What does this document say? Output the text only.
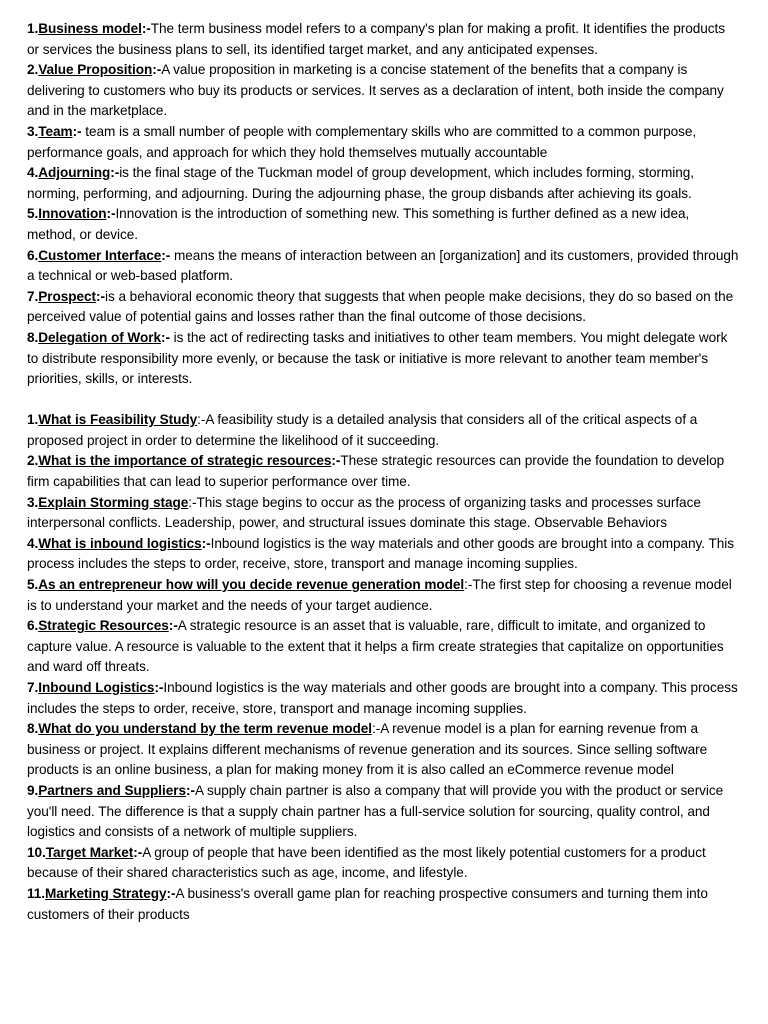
1.Business model:-The term business model refers to a company's plan for making a profit. It identifies the products or services the business plans to sell, its identified target market, and any anticipated expenses.

2.Value Proposition:-A value proposition in marketing is a concise statement of the benefits that a company is delivering to customers who buy its products or services. It serves as a declaration of intent, both inside the company and in the marketplace.

3.Team:- team is a small number of people with complementary skills who are committed to a common purpose, performance goals, and approach for which they hold themselves mutually accountable

4.Adjourning:-is the final stage of the Tuckman model of group development, which includes forming, storming, norming, performing, and adjourning. During the adjourning phase, the group disbands after achieving its goals.

5.Innovation:-Innovation is the introduction of something new. This something is further defined as a new idea, method, or device.

6.Customer Interface:- means the means of interaction between an [organization] and its customers, provided through a technical or web-based platform.

7.Prospect:-is a behavioral economic theory that suggests that when people make decisions, they do so based on the perceived value of potential gains and losses rather than the final outcome of those decisions.

8.Delegation of Work:- is the act of redirecting tasks and initiatives to other team members. You might delegate work to distribute responsibility more evenly, or because the task or initiative is more relevant to another team member's priorities, skills, or interests.

1.What is Feasibility Study:-A feasibility study is a detailed analysis that considers all of the critical aspects of a proposed project in order to determine the likelihood of it succeeding.

2.What is the importance of strategic resources:-These strategic resources can provide the foundation to develop firm capabilities that can lead to superior performance over time.

3.Explain Storming stage:-This stage begins to occur as the process of organizing tasks and processes surface interpersonal conflicts. Leadership, power, and structural issues dominate this stage. Observable Behaviors

4.What is inbound logistics:-Inbound logistics is the way materials and other goods are brought into a company. This process includes the steps to order, receive, store, transport and manage incoming supplies.

5.As an entrepreneur how will you decide revenue generation model:-The first step for choosing a revenue model is to understand your market and the needs of your target audience.

6.Strategic Resources:-A strategic resource is an asset that is valuable, rare, difficult to imitate, and organized to capture value. A resource is valuable to the extent that it helps a firm create strategies that capitalize on opportunities and ward off threats.

7.Inbound Logistics:-Inbound logistics is the way materials and other goods are brought into a company. This process includes the steps to order, receive, store, transport and manage incoming supplies.

8.What do you understand by the term revenue model:-A revenue model is a plan for earning revenue from a business or project. It explains different mechanisms of revenue generation and its sources. Since selling software products is an online business, a plan for making money from it is also called an eCommerce revenue model

9.Partners and Suppliers:-A supply chain partner is also a company that will provide you with the product or service you'll need. The difference is that a supply chain partner has a full-service solution for sourcing, quality control, and logistics and consists of a network of multiple suppliers.

10.Target Market:-A group of people that have been identified as the most likely potential customers for a product because of their shared characteristics such as age, income, and lifestyle.

11.Marketing Strategy:-A business's overall game plan for reaching prospective consumers and turning them into customers of their products
